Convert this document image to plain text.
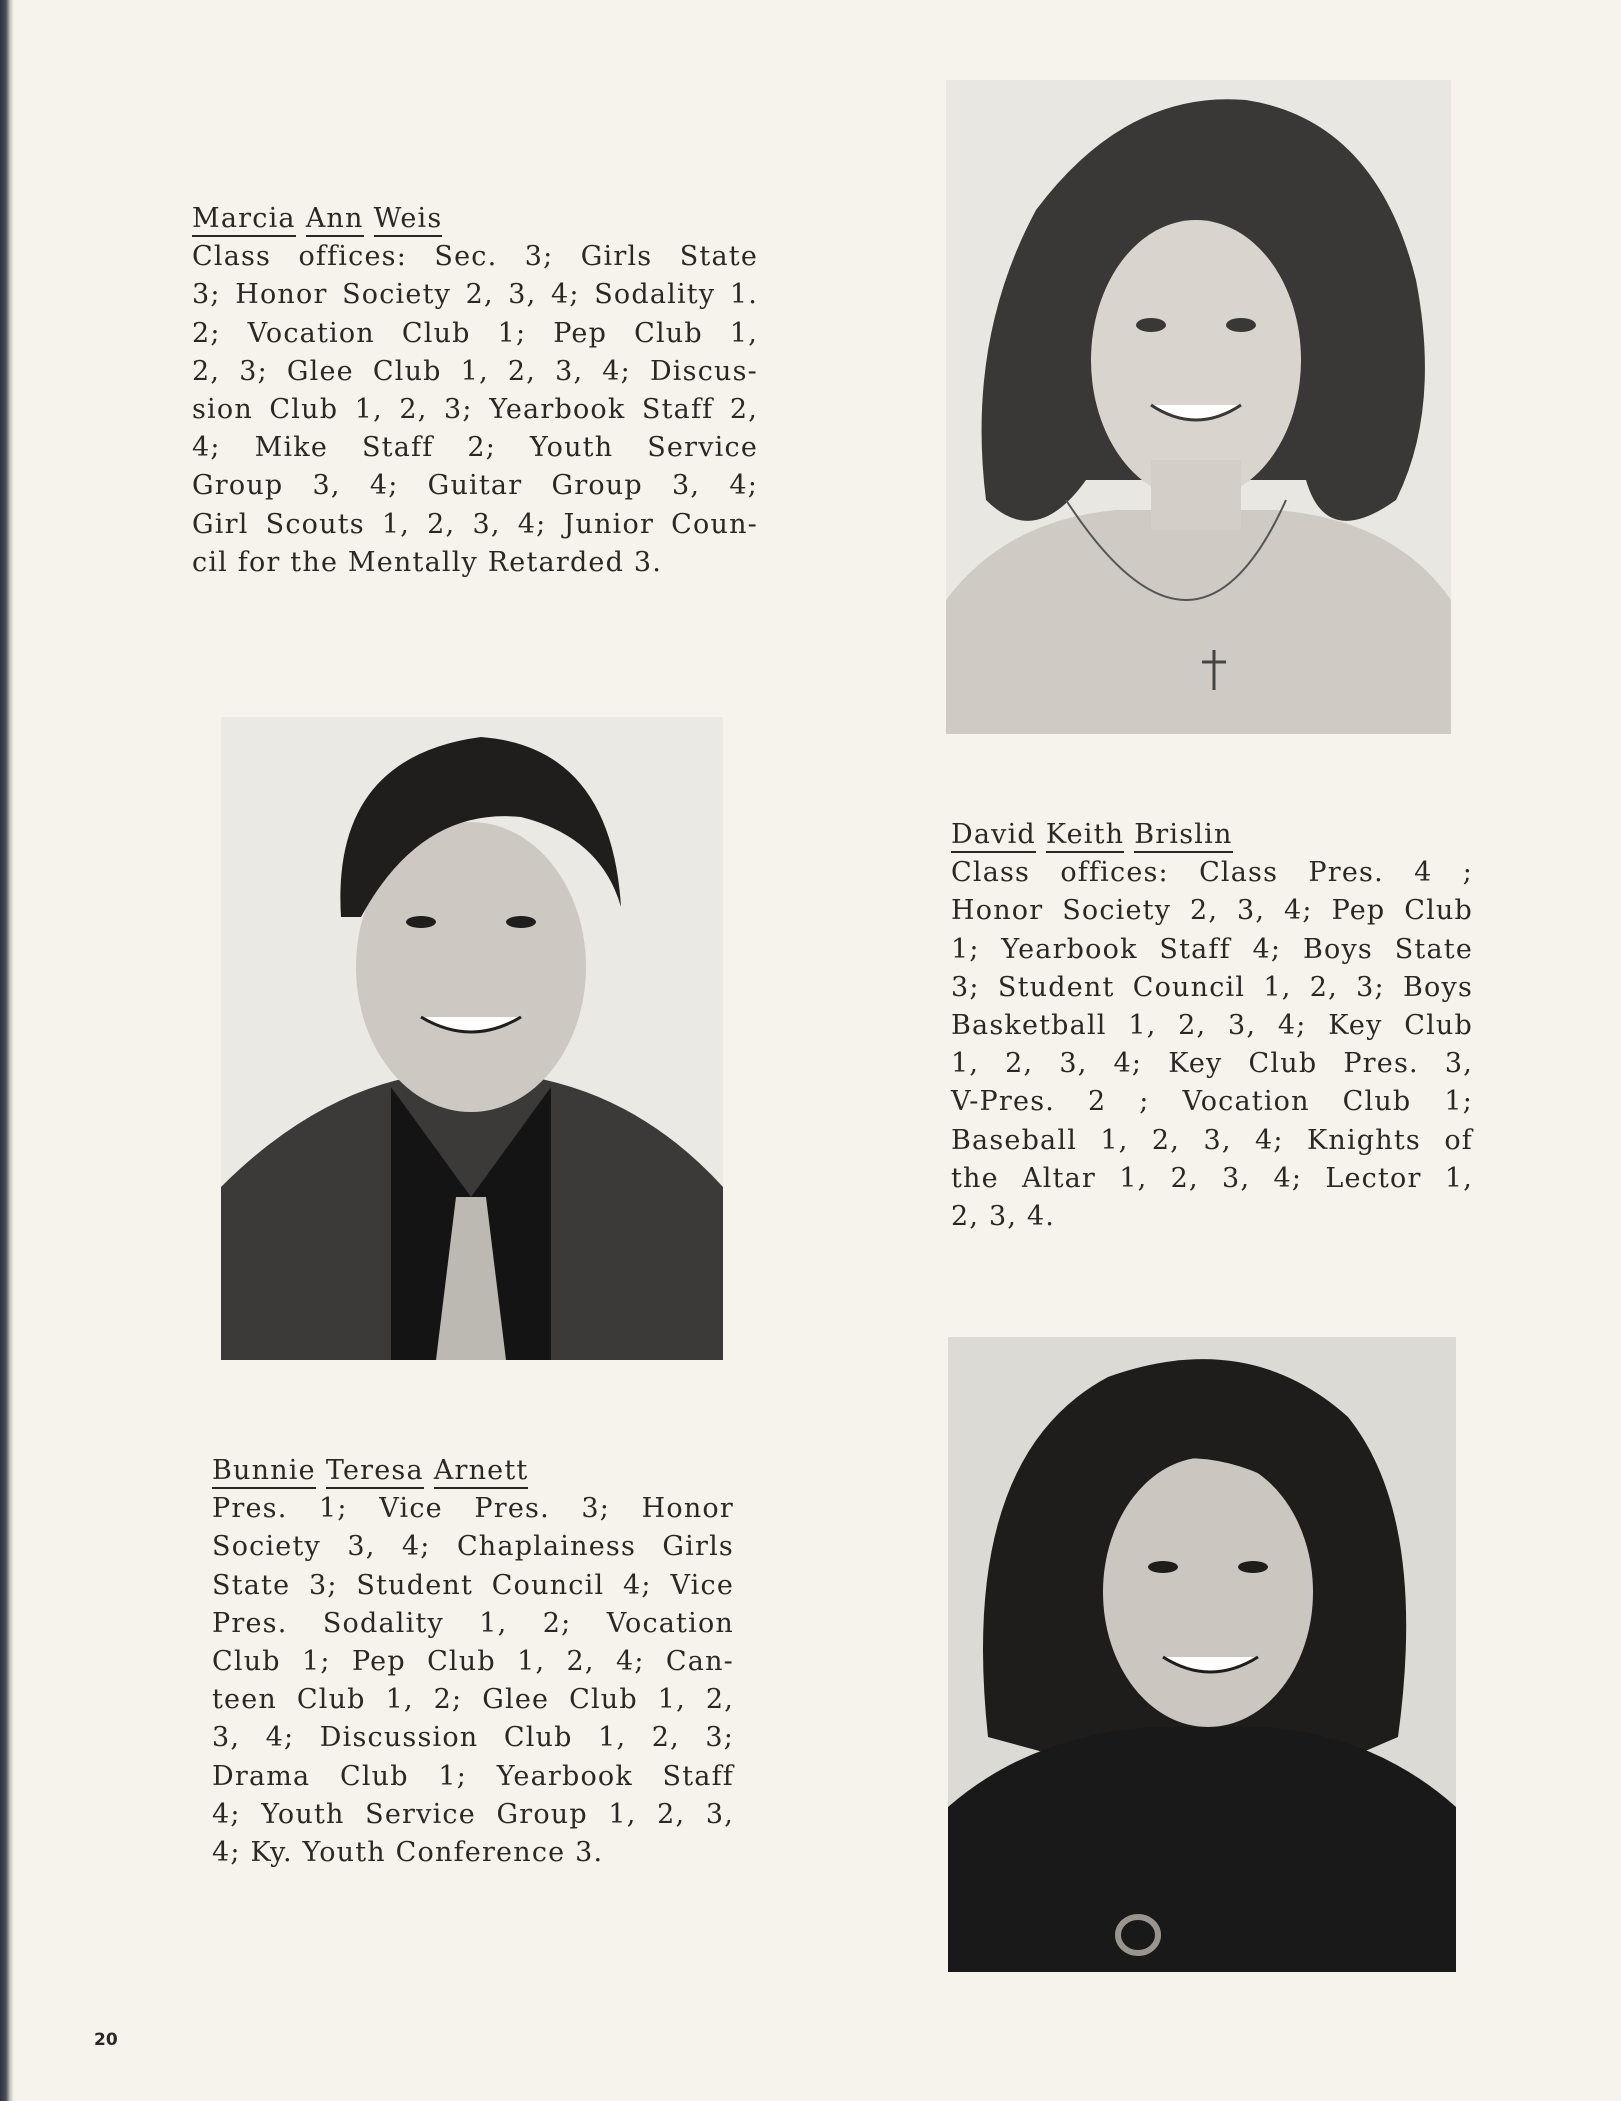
Marcia Ann Weis
Class offices: Sec. 3; Girls State
3; Honor Society 2, 3, 4; Sodality 1.
2; Vocation Club 1; Pep Club 1,
2, 3; Glee Club 1, 2, 3, 4; Discus-
sion Club 1, 2, 3; Yearbook Staff 2,
4; Mike Staff 2; Youth Service
Group 3, 4; Guitar Group 3, 4;
Girl Scouts 1, 2, 3, 4; Junior Coun-
cil for the Mentally Retarded 3.
David Keith Brislin
Class offices: Class Pres. 4 ;
Honor Society 2, 3, 4; Pep Club
1; Yearbook Staff 4; Boys State
3; Student Council 1, 2, 3; Boys
Basketball 1, 2, 3, 4; Key Club
1, 2, 3, 4; Key Club Pres. 3,
V-Pres. 2 ; Vocation Club 1;
Baseball 1, 2, 3, 4; Knights of
the Altar 1, 2, 3, 4; Lector 1,
2, 3, 4.
Bunnie Teresa Arnett
Pres. 1; Vice Pres. 3; Honor
Society 3, 4; Chaplainess Girls
State 3; Student Council 4; Vice
Pres. Sodality 1, 2; Vocation
Club 1; Pep Club 1, 2, 4; Can-
teen Club 1, 2; Glee Club 1, 2,
3, 4; Discussion Club 1, 2, 3;
Drama Club 1; Yearbook Staff
4; Youth Service Group 1, 2, 3,
4; Ky. Youth Conference 3.
20
